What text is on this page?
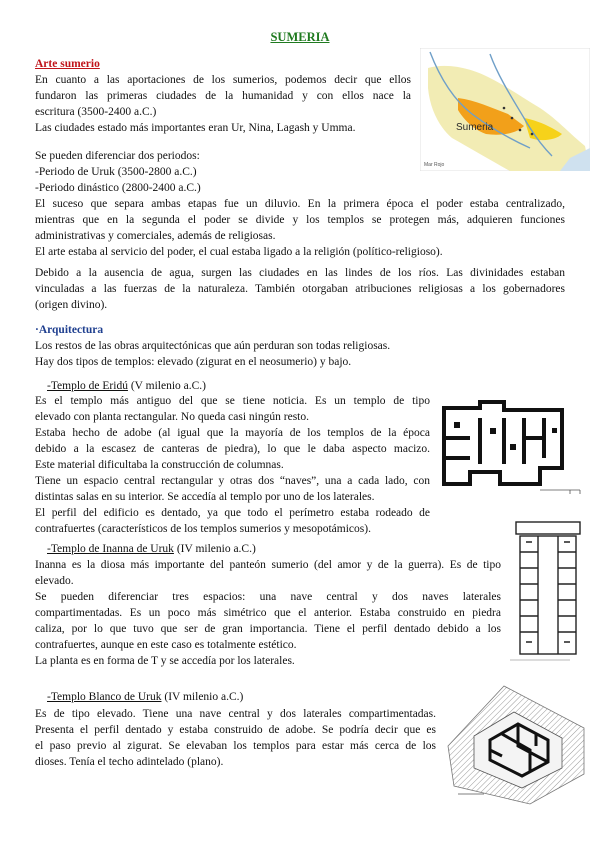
SUMERIA
Sumeria
Mar Rojo
Arte sumerio
En cuanto a las aportaciones de los sumerios, podemos decir que ellos
fundaron las primeras ciudades de la humanidad y con ellos nace la
escritura (3500-2400 a.C.)
Las ciudades estado más importantes eran Ur, Nina, Lagash y Umma.
Se pueden diferenciar dos periodos:
-Periodo de Uruk (3500-2800 a.C.)
-Periodo dinástico (2800-2400 a.C.)
El suceso que separa ambas etapas fue un diluvio. En la primera época el poder estaba centralizado,
mientras que en la segunda el poder se divide y los templos se protegen más, adquieren funciones
administrativas y comerciales, además de religiosas.
El arte estaba al servicio del poder, el cual estaba ligado a la religión (político-religioso).
Debido a la ausencia de agua, surgen las ciudades en las lindes de los ríos. Las divinidades estaban
vinculadas a las fuerzas de la naturaleza. También otorgaban atribuciones religiosas a los gobernadores
(origen divino).
·Arquitectura
Los restos de las obras arquitectónicas que aún perduran son todas religiosas.
Hay dos tipos de templos: elevado (zigurat en el neosumerio) y bajo.
-Templo de Eridú (V milenio a.C.)
Es el templo más antiguo del que se tiene noticia. Es un templo de tipo
elevado con planta rectangular. No queda casi ningún resto.
Estaba hecho de adobe (al igual que la mayoría de los templos de la época
debido a la escasez de canteras de piedra), lo que le daba aspecto macizo.
Este material dificultaba la construcción de columnas.
Tiene un espacio central rectangular y otras dos “naves”, una a cada lado, con
distintas salas en su interior. Se accedía al templo por uno de los laterales.
El perfil del edificio es dentado, ya que todo el perímetro estaba rodeado de
contrafuertes (característicos de los templos sumerios y mesopotámicos).
-Templo de Inanna de Uruk (IV milenio a.C.)
Inanna es la diosa más importante del panteón sumerio (del amor y de la guerra). Es de tipo
elevado.
Se pueden diferenciar tres espacios: una nave central y dos naves laterales
compartimentadas. Es un poco más simétrico que el anterior. Estaba construido en piedra
caliza, por lo que tuvo que ser de gran importancia. Tiene el perfil dentado debido a los
contrafuertes, aunque en este caso es totalmente estético.
La planta es en forma de T y se accedía por los laterales.
-Templo Blanco de Uruk (IV milenio a.C.)
Es de tipo elevado. Tiene una nave central y dos laterales compartimentadas.
Presenta el perfil dentado y estaba construido de adobe. Se podría decir que es
el paso previo al zigurat. Se elevaban los templos para estar más cerca de los
dioses. Tenía el techo adintelado (plano).
